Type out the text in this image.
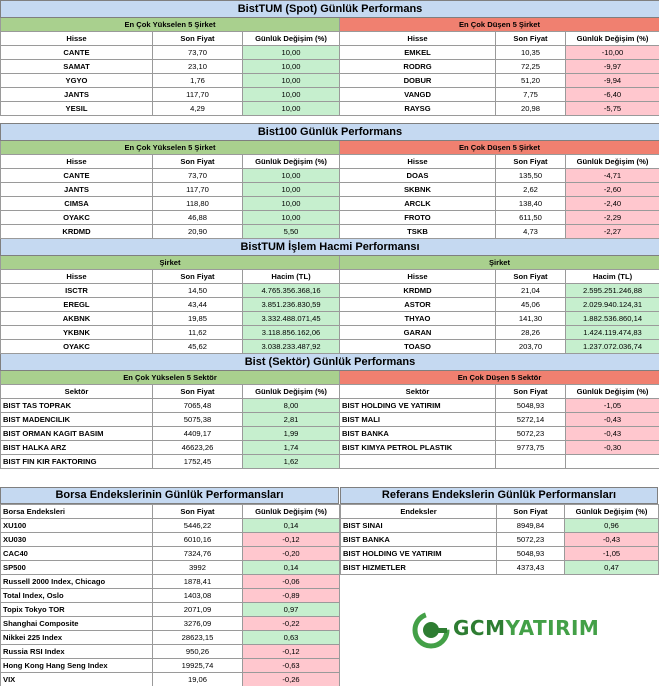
BistTUM (Spot) Günlük Performans					
En Çok Yükselen 5 Şirket			En Çok Düşen 5 Şirket		
Hisse	Son Fiyat	Günlük Değişim (%)	Hisse	Son Fiyat	Günlük Değişim (%)
CANTE	73,70	10,00	EMKEL	10,35	-10,00
SAMAT	23,10	10,00	RODRG	72,25	-9,97
YGYO	1,76	10,00	DOBUR	51,20	-9,94
JANTS	117,70	10,00	VANGD	7,75	-6,40
YESIL	4,29	10,00	RAYSG	20,98	-5,75

Bist100 Günlük Performans					
En Çok Yükselen 5 Şirket			En Çok Düşen 5 Şirket		
Hisse	Son Fiyat	Günlük Değişim (%)	Hisse	Son Fiyat	Günlük Değişim (%)
CANTE	73,70	10,00	DOAS	135,50	-4,71
JANTS	117,70	10,00	SKBNK	2,62	-2,60
CIMSA	118,80	10,00	ARCLK	138,40	-2,40
OYAKC	46,88	10,00	FROTO	611,50	-2,29
KRDMD	20,90	5,50	TSKB	4,73	-2,27
BistTUM İşlem Hacmi Performansı					
Şirket			Şirket		
Hisse	Son Fiyat	Hacim (TL)	Hisse	Son Fiyat	Hacim (TL)
ISCTR	14,50	4.765.356.368,16	KRDMD	21,04	2.595.251.246,88
EREGL	43,44	3.851.236.830,59	ASTOR	45,06	2.029.940.124,31
AKBNK	19,85	3.332.488.071,45	THYAO	141,30	1.882.536.860,14
YKBNK	11,62	3.118.856.162,06	GARAN	28,26	1.424.119.474,83
OYAKC	45,62	3.038.233.487,92	TOASO	203,70	1.237.072.036,74
Bist (Sektör) Günlük Performans					
En Çok Yükselen 5 Sektör			En Çok Düşen 5 Sektör		
Sektör	Son Fiyat	Günlük Değişim (%)	Sektör	Son Fiyat	Günlük Değişim (%)
BIST TAS TOPRAK	7065,48	8,00	BIST HOLDING VE YATIRIM	5048,93	-1,05
BIST MADENCILIK	5075,38	2,81	BIST MALI	5272,14	-0,43
BIST ORMAN KAGIT BASIM	4409,17	1,99	BIST BANKA	5072,23	-0,43
BIST HALKA ARZ	46623,26	1,74	BIST KIMYA PETROL PLASTIK	9773,75	-0,30
BIST FIN KIR FAKTORING	1752,45	1,62			
Borsa Endekslerinin Günlük Performansları
Borsa Endeksleri	Son Fiyat	Günlük Değişim (%)
XU100	5446,22	0,14
XU030	6010,16	-0,12
CAC40	7324,76	-0,20
SP500	3992	0,14
Russell 2000 Index, Chicago	1878,41	-0,06
Total Index, Oslo	1403,08	-0,89
Topix Tokyo TOR	2071,09	0,97
Shanghai Composite	3276,09	-0,22
Nikkei 225 Index	28623,15	0,63
Russia RSI Index	950,26	-0,12
Hong Kong Hang Seng Index	19925,74	-0,63
VIX	19,06	-0,26
Referans Endekslerin Günlük Performansları
Endeksler	Son Fiyat	Günlük Değişim (%)
BIST SINAI	8949,84	0,96
BIST BANKA	5072,23	-0,43
BIST HOLDING VE YATIRIM	5048,93	-1,05
BIST HIZMETLER	4373,43	0,47
GCMYATIRIM
